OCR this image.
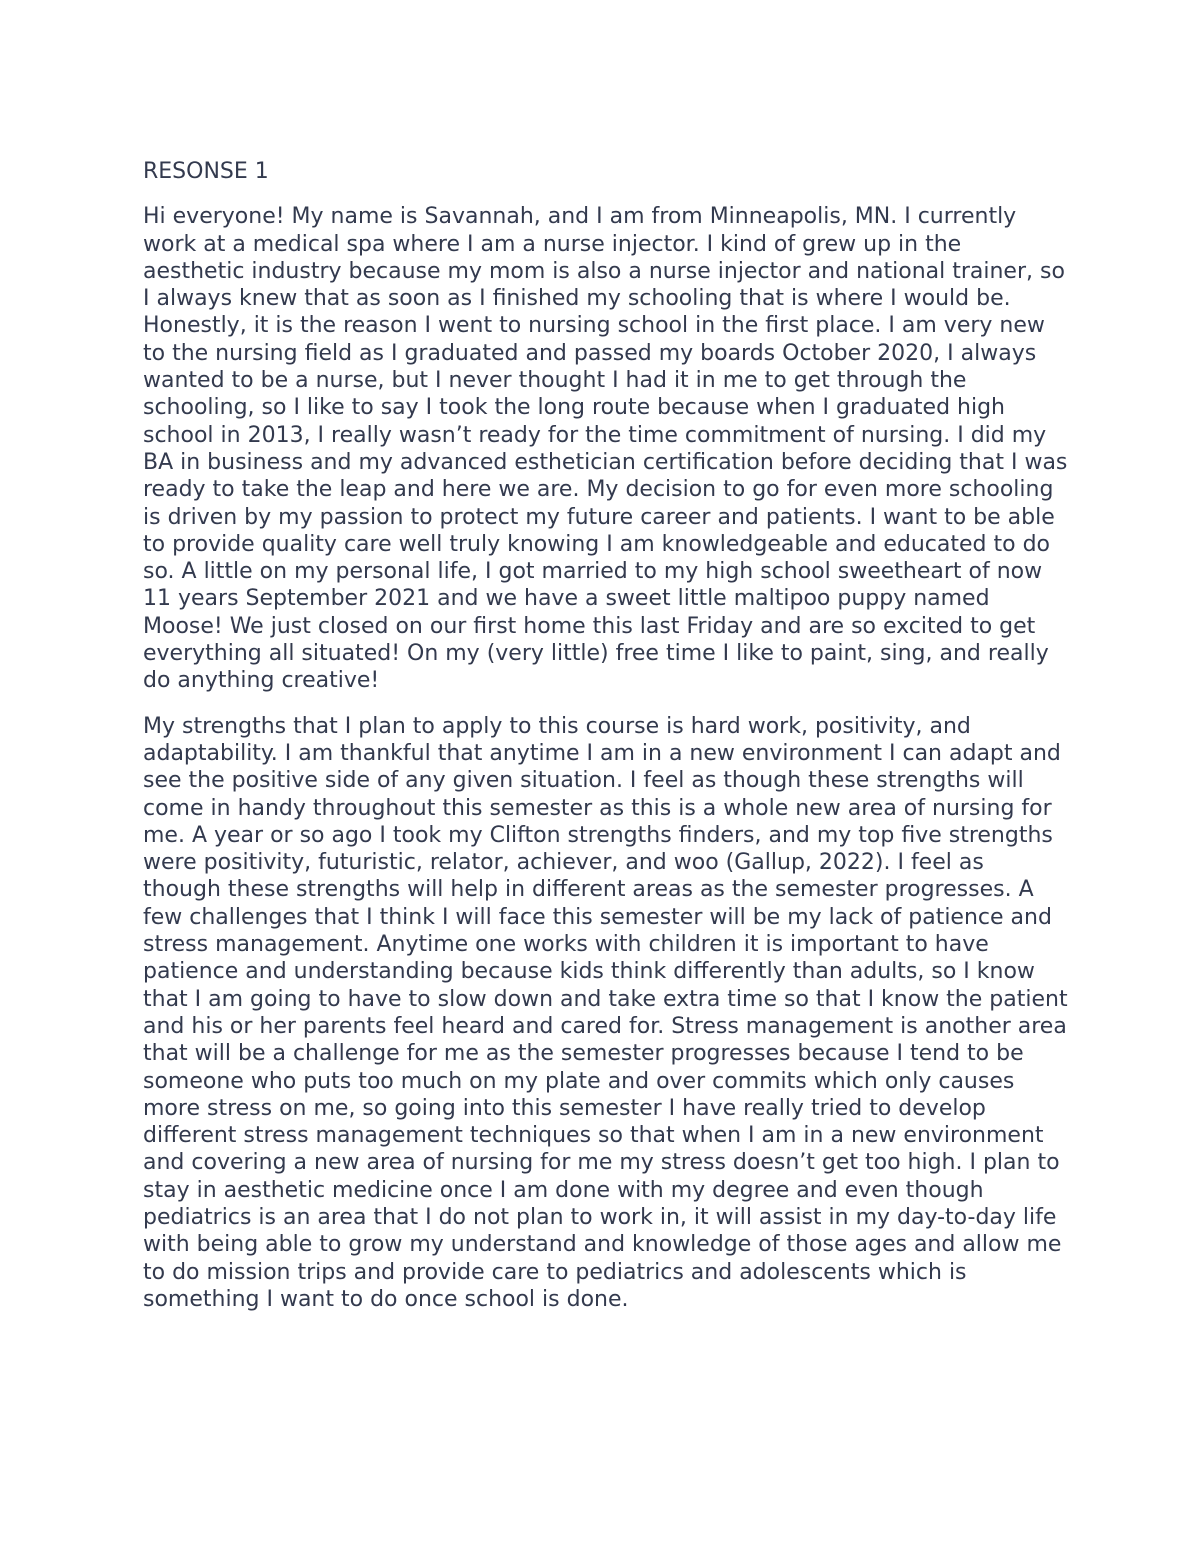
RESONSE 1

Hi everyone! My name is Savannah, and I am from Minneapolis, MN. I currently work at a medical spa where I am a nurse injector. I kind of grew up in the aesthetic industry because my mom is also a nurse injector and national trainer, so I always knew that as soon as I finished my schooling that is where I would be. Honestly, it is the reason I went to nursing school in the first place. I am very new to the nursing field as I graduated and passed my boards October 2020, I always wanted to be a nurse, but I never thought I had it in me to get through the schooling, so I like to say I took the long route because when I graduated high school in 2013, I really wasn’t ready for the time commitment of nursing. I did my BA in business and my advanced esthetician certification before deciding that I was ready to take the leap and here we are. My decision to go for even more schooling is driven by my passion to protect my future career and patients. I want to be able to provide quality care well truly knowing I am knowledgeable and educated to do so. A little on my personal life, I got married to my high school sweetheart of now 11 years September 2021 and we have a sweet little maltipoo puppy named Moose! We just closed on our first home this last Friday and are so excited to get everything all situated! On my (very little) free time I like to paint, sing, and really do anything creative!

My strengths that I plan to apply to this course is hard work, positivity, and adaptability. I am thankful that anytime I am in a new environment I can adapt and see the positive side of any given situation. I feel as though these strengths will come in handy throughout this semester as this is a whole new area of nursing for me. A year or so ago I took my Clifton strengths finders, and my top five strengths were positivity, futuristic, relator, achiever, and woo (Gallup, 2022). I feel as though these strengths will help in different areas as the semester progresses. A few challenges that I think I will face this semester will be my lack of patience and stress management. Anytime one works with children it is important to have patience and understanding because kids think differently than adults, so I know that I am going to have to slow down and take extra time so that I know the patient and his or her parents feel heard and cared for. Stress management is another area that will be a challenge for me as the semester progresses because I tend to be someone who puts too much on my plate and over commits which only causes more stress on me, so going into this semester I have really tried to develop different stress management techniques so that when I am in a new environment and covering a new area of nursing for me my stress doesn’t get too high. I plan to stay in aesthetic medicine once I am done with my degree and even though pediatrics is an area that I do not plan to work in, it will assist in my day-to-day life with being able to grow my understand and knowledge of those ages and allow me to do mission trips and provide care to pediatrics and adolescents which is something I want to do once school is done.
